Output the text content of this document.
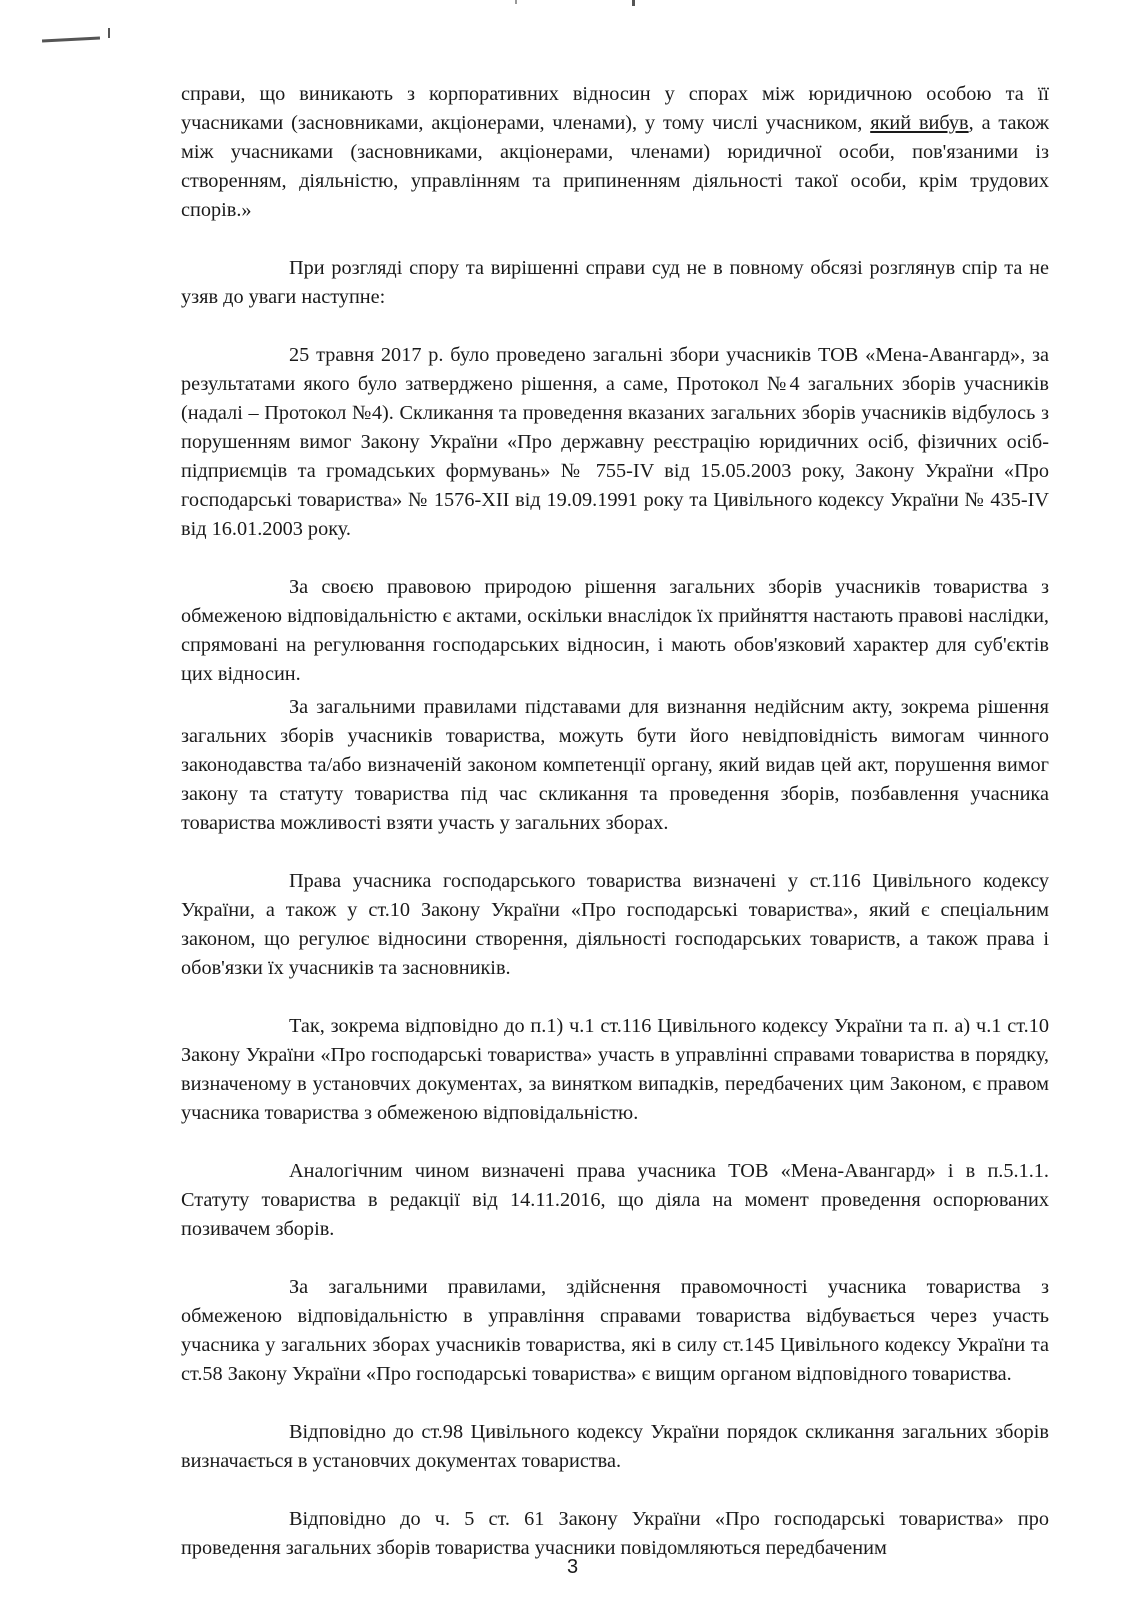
справи, що виникають з корпоративних відносин у спорах між юридичною особою та її учасниками (засновниками, акціонерами, членами), у тому числі учасником, який вибув, а також між учасниками (засновниками, акціонерами, членами) юридичної особи, пов'язаними із створенням, діяльністю, управлінням та припиненням діяльності такої особи, крім трудових спорів.»

При розгляді спору та вирішенні справи суд не в повному обсязі розглянув спір та не узяв до уваги наступне:

25 травня 2017 р. було проведено загальні збори учасників ТОВ «Мена-Авангард», за результатами якого було затверджено рішення, а саме, Протокол №4 загальних зборів учасників (надалі – Протокол №4). Скликання та проведення вказаних загальних зборів учасників відбулось з порушенням вимог Закону України «Про державну реєстрацію юридичних осіб, фізичних осіб-підприємців та громадських формувань» № 755-IV від 15.05.2003 року, Закону України «Про господарські товариства» № 1576-XII від 19.09.1991 року та Цивільного кодексу України № 435-IV від 16.01.2003 року.

За своєю правовою природою рішення загальних зборів учасників товариства з обмеженою відповідальністю є актами, оскільки внаслідок їх прийняття настають правові наслідки, спрямовані на регулювання господарських відносин, і мають обов'язковий характер для суб'єктів цих відносин.

За загальними правилами підставами для визнання недійсним акту, зокрема рішення загальних зборів учасників товариства, можуть бути його невідповідність вимогам чинного законодавства та/або визначеній законом компетенції органу, який видав цей акт, порушення вимог закону та статуту товариства під час скликання та проведення зборів, позбавлення учасника товариства можливості взяти участь у загальних зборах.

Права учасника господарського товариства визначені у ст.116 Цивільного кодексу України, а також у ст.10 Закону України «Про господарські товариства», який є спеціальним законом, що регулює відносини створення, діяльності господарських товариств, а також права і обов'язки їх учасників та засновників.

Так, зокрема відповідно до п.1) ч.1 ст.116 Цивільного кодексу України та п. а) ч.1 ст.10 Закону України «Про господарські товариства» участь в управлінні справами товариства в порядку, визначеному в установчих документах, за винятком випадків, передбачених цим Законом, є правом учасника товариства з обмеженою відповідальністю.

Аналогічним чином визначені права учасника ТОВ «Мена-Авангард» і в п.5.1.1. Статуту товариства в редакції від 14.11.2016, що діяла на момент проведення оспорюваних позивачем зборів.

За загальними правилами, здійснення правомочності учасника товариства з обмеженою відповідальністю в управління справами товариства відбувається через участь учасника у загальних зборах учасників товариства, які в силу ст.145 Цивільного кодексу України та ст.58 Закону України «Про господарські товариства» є вищим органом відповідного товариства.

Відповідно до ст.98 Цивільного кодексу України порядок скликання загальних зборів визначається в установчих документах товариства.

Відповідно до ч. 5 ст. 61 Закону України «Про господарські товариства» про проведення загальних зборів товариства учасники повідомляються передбаченим

3
